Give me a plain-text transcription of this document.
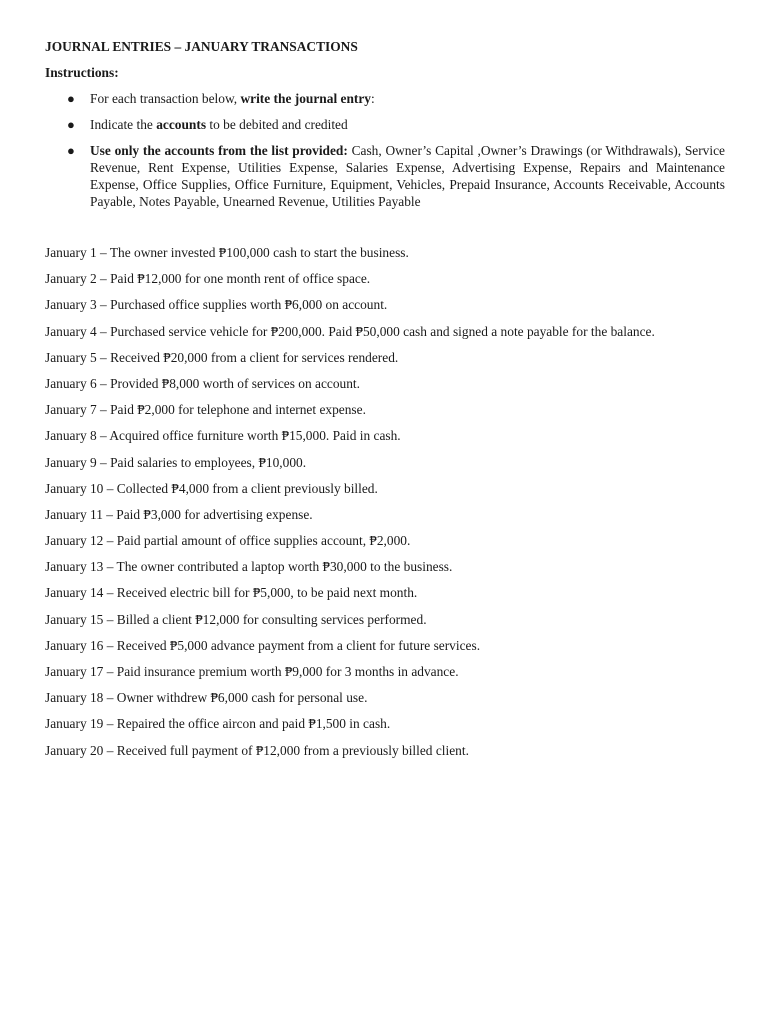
JOURNAL ENTRIES – JANUARY TRANSACTIONS
Instructions:
● For each transaction below, write the journal entry:
● Indicate the accounts to be debited and credited
● Use only the accounts from the list provided: Cash, Owner’s Capital ,Owner’s Drawings (or Withdrawals), Service Revenue, Rent Expense, Utilities Expense, Salaries Expense, Advertising Expense, Repairs and Maintenance Expense, Office Supplies, Office Furniture, Equipment, Vehicles, Prepaid Insurance, Accounts Receivable, Accounts Payable, Notes Payable, Unearned Revenue, Utilities Payable
January 1 – The owner invested ₱100,000 cash to start the business.
January 2 – Paid ₱12,000 for one month rent of office space.
January 3 – Purchased office supplies worth ₱6,000 on account.
January 4 – Purchased service vehicle for ₱200,000. Paid ₱50,000 cash and signed a note payable for the balance.
January 5 – Received ₱20,000 from a client for services rendered.
January 6 – Provided ₱8,000 worth of services on account.
January 7 – Paid ₱2,000 for telephone and internet expense.
January 8 – Acquired office furniture worth ₱15,000. Paid in cash.
January 9 – Paid salaries to employees, ₱10,000.
January 10 – Collected ₱4,000 from a client previously billed.
January 11 – Paid ₱3,000 for advertising expense.
January 12 – Paid partial amount of office supplies account, ₱2,000.
January 13 – The owner contributed a laptop worth ₱30,000 to the business.
January 14 – Received electric bill for ₱5,000, to be paid next month.
January 15 – Billed a client ₱12,000 for consulting services performed.
January 16 – Received ₱5,000 advance payment from a client for future services.
January 17 – Paid insurance premium worth ₱9,000 for 3 months in advance.
January 18 – Owner withdrew ₱6,000 cash for personal use.
January 19 – Repaired the office aircon and paid ₱1,500 in cash.
January 20 – Received full payment of ₱12,000 from a previously billed client.
